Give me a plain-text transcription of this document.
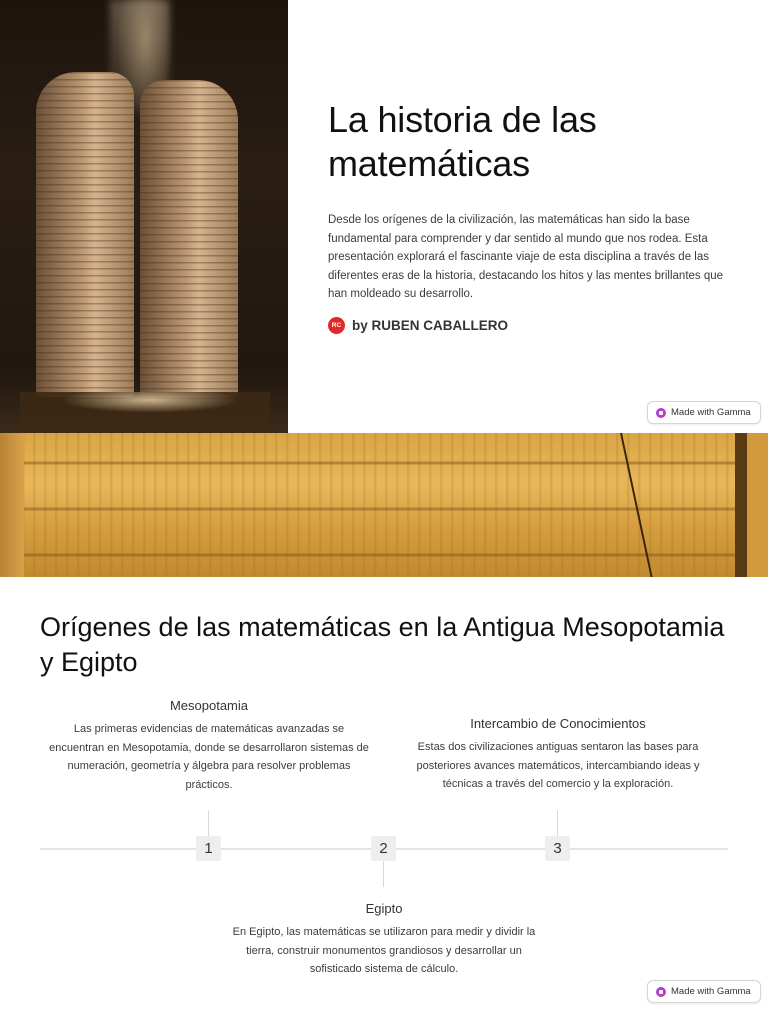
La historia de las matemáticas

Desde los orígenes de la civilización, las matemáticas han sido la base fundamental para comprender y dar sentido al mundo que nos rodea. Esta presentación explorará el fascinante viaje de esta disciplina a través de las diferentes eras de la historia, destacando los hitos y las mentes brillantes que han moldeado su desarrollo.

RC by RUBEN CABALLERO
Made with Gamma
Orígenes de las matemáticas en la Antigua Mesopotamia y Egipto
Mesopotamia

Las primeras evidencias de matemáticas avanzadas se encuentran en Mesopotamia, donde se desarrollaron sistemas de numeración, geometría y álgebra para resolver problemas prácticos.

Intercambio de Conocimientos

Estas dos civilizaciones antiguas sentaron las bases para posteriores avances matemáticos, intercambiando ideas y técnicas a través del comercio y la exploración.

1	2	3
Egipto

En Egipto, las matemáticas se utilizaron para medir y dividir la tierra, construir monumentos grandiosos y desarrollar un sofisticado sistema de cálculo.

Made with Gamma
